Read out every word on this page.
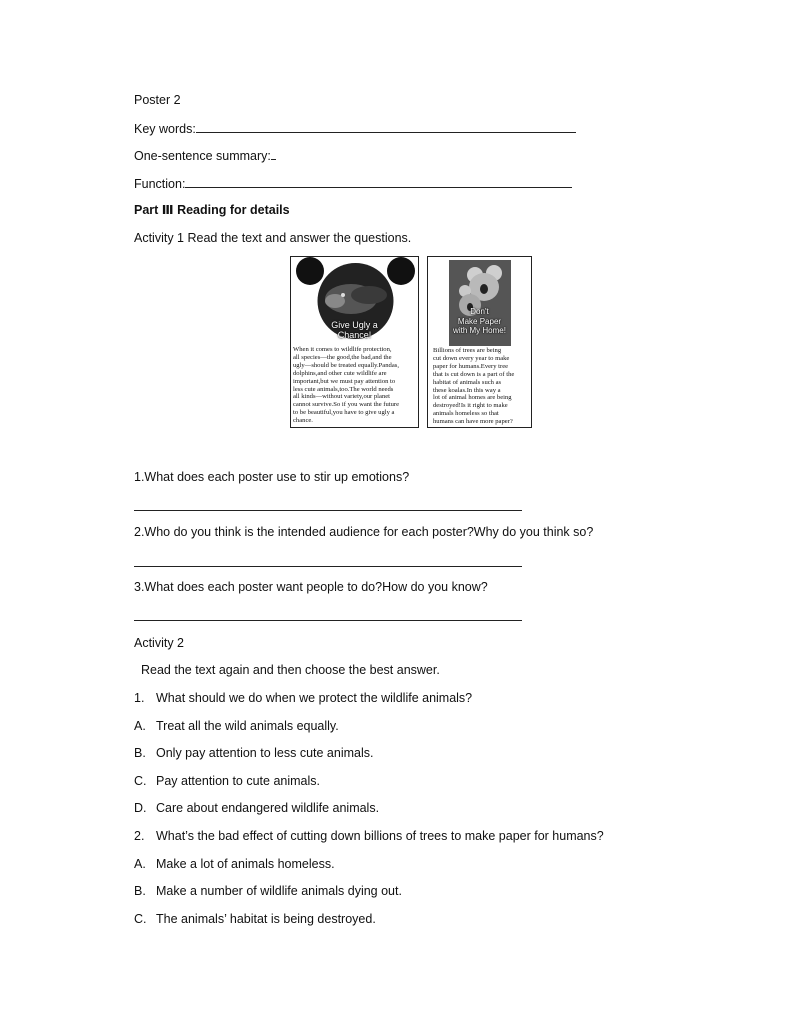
Poster 2
Key words:
One-sentence summary:
Function:
Part Ⅲ Reading for details
Activity 1 Read the text and answer the questions.
Give Ugly a
Chance!
When it comes to wildlife protection,
all species—the good,the bad,and the
ugly—should be treated equally.Pandas,
dolphins,and other cute wildlife are
important,but we must pay attention to
less cute animals,too.The world needs
all kinds—without variety,our planet
cannot survive.So if you want the future
to be beautiful,you have to give ugly a
chance.
Don't
Make Paper
with My Home!
Billions of trees are being
cut down every year to make
paper for humans.Every tree
that is cut down is a part of the
habitat of animals such as
these koalas.In this way a
lot of animal homes are being
destroyed!Is it right to make
animals homeless so that
humans can have more paper?
1.What does each poster use to stir up emotions?
2.Who do you think is the intended audience for each poster?Why do you think so?
3.What does each poster want people to do?How do you know?
Activity 2
Read the text again and then choose the best answer.
1. What should we do when we protect the wildlife animals?
A. Treat all the wild animals equally.
B. Only pay attention to less cute animals.
C. Pay attention to cute animals.
D. Care about endangered wildlife animals.
2. What’s the bad effect of cutting down billions of trees to make paper for humans?
A. Make a lot of animals homeless.
B. Make a number of wildlife animals dying out.
C. The animals’ habitat is being destroyed.
